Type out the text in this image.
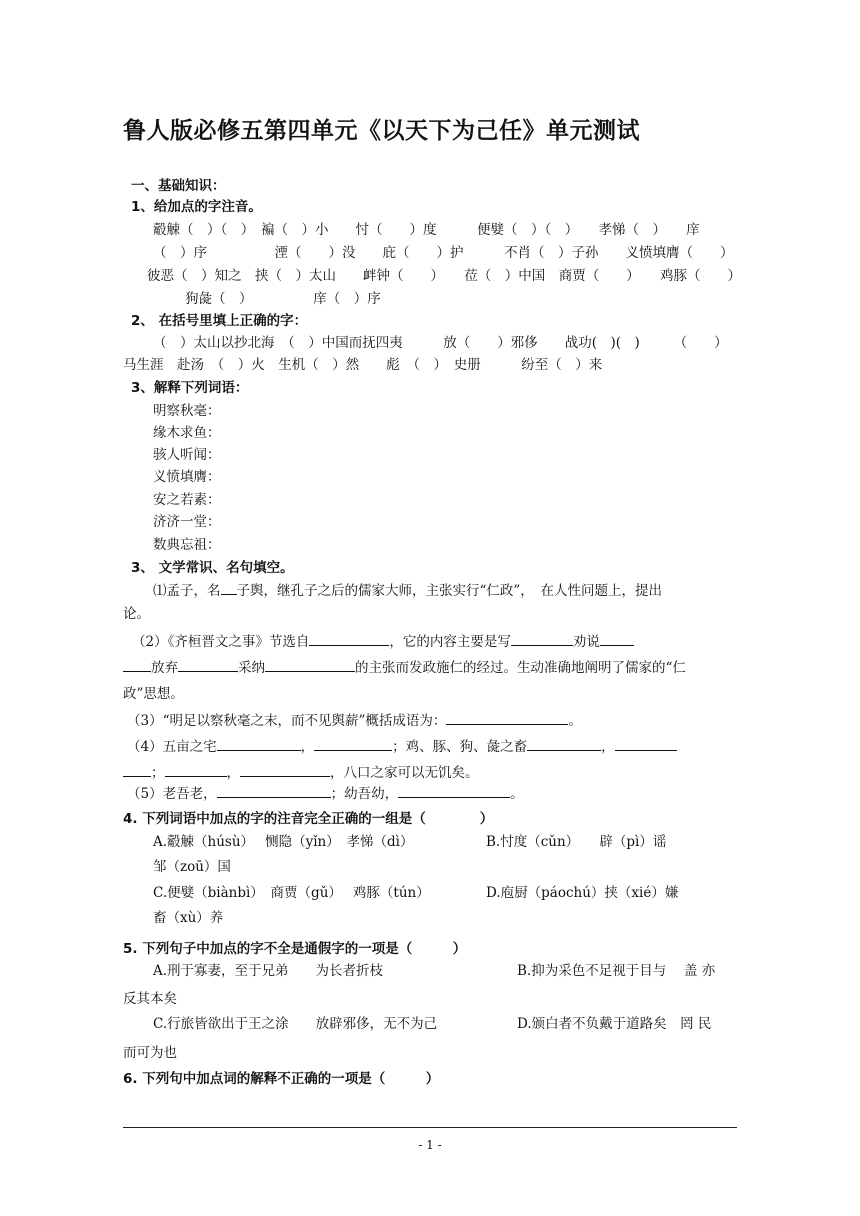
鲁人版必修五第四单元《以天下为己任》单元测试
一、基础知识：
1、给加点的字注音。
觳觫（　）（　）　褊（　）小　　忖（　　）度　　　便嬖（　）（　）　　孝悌（　）　　庠
（　）序　　　　　湮（　　）没　　庇（　　）护　　　不肖（　）子孙　　义愤填膺（　　）
彼恶（　）知之　挟（　）太山　　衅钟（　　）　　莅（　）中国　商贾（　　）　　鸡豚（　　）
狗彘（　）　　　　　庠（　）序
2、 在括号里填上正确的字：
（　）太山以抄北海　（　）中国而抚四夷　　　放（　　）邪侈　　战功(　)(　)　　　（　　）
马生涯　赴汤　（　）火　生机（　）然　　彪　（　）　史册　　　纷至（　）来
3、解释下列词语：
明察秋毫：
缘木求鱼：
骇人听闻：
义愤填膺：
安之若素：
济济一堂：
数典忘祖：
3、 文学常识、名句填空。
⑴孟子，名 子舆，继孔子之后的儒家大师，主张实行“仁政”，　在人性问题上，提出
论。
（2）《齐桓晋文之事》节选自	，它的内容主要是写	劝说
放弃	采纳	的主张而发政施仁的经过。生动准确地阐明了儒家的“仁
政”思想。
（3）“明足以察秋毫之末，而不见舆薪”概括成语为：	。
（4）五亩之宅	，	；鸡、豚、狗、彘之畜	，
；	，	，八口之家可以无饥矣。
（5）老吾老，	；幼吾幼，	。
4. 下列词语中加点的字的注音完全正确的一组是（　　　　）
A.觳觫（húsù）　 恻隐（yǐn）　孝悌（dì）	B.忖度（cǔn）　　辟（pì）谣
邹（zoū）国
C.便嬖（biànbì）　商贾（gǔ）　 鸡豚（tún）	D.庖厨（páochú）挟（xié）嫌
畜（xù）养
5. 下列句子中加点的字不全是通假字的一项是（　　　）
A.刑于寡妻，至于兄弟　　为长者折枝	B.抑为采色不足视于目与　 盖 亦
反其本矣
C.行旅皆欲出于王之涂　　放辟邪侈，无不为己	D.颁白者不负戴于道路矣　罔 民
而可为也
6. 下列句中加点词的解释不正确的一项是（　　　）
- 1 -
